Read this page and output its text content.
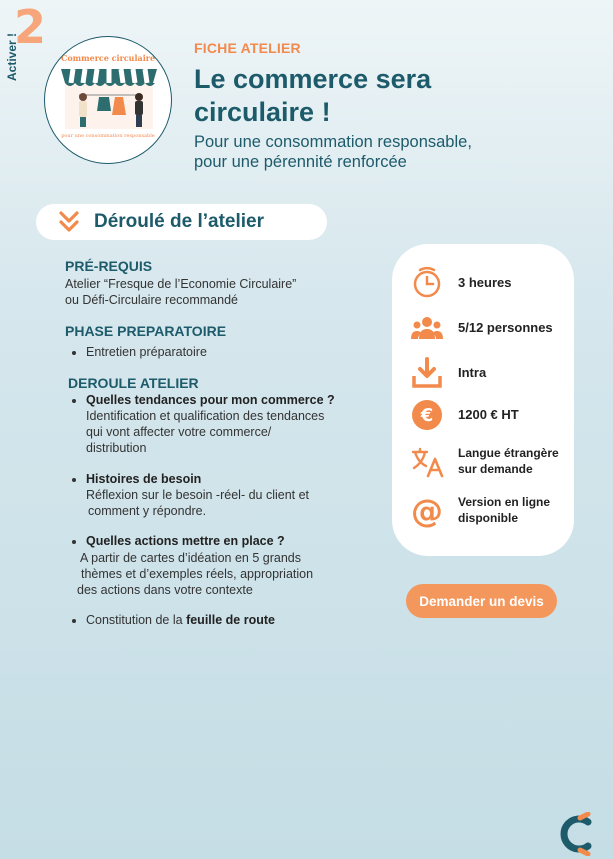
2
Activer !	Commerce circulaire
pour une consommation responsable
FICHE ATELIER
Le commerce sera
circulaire !
Pour une consommation responsable,
pour une pérennité renforcée
Déroulé de l’atelier
PRÉ-REQUIS
Atelier “Fresque de l’Economie Circulaire”
ou Défi-Circulaire recommandé
PHASE PREPARATOIRE
Entretien préparatoire
DEROULE ATELIER
Quelles tendances pour mon commerce ?
Identification et qualification des tendances
qui vont affecter votre commerce/
distribution
Histoires de besoin
Réflexion sur le besoin -réel- du client et
comment y répondre.
Quelles actions mettre en place ?
A partir de cartes d’idéation en 5 grands
thèmes et d’exemples réels, appropriation
des actions dans votre contexte
Constitution de la feuille de route
3 heures
5/12 personnes
Intra
€ 1200 € HT
Langue étrangère
sur demande
@ Version en ligne
disponible
Demander un devis
